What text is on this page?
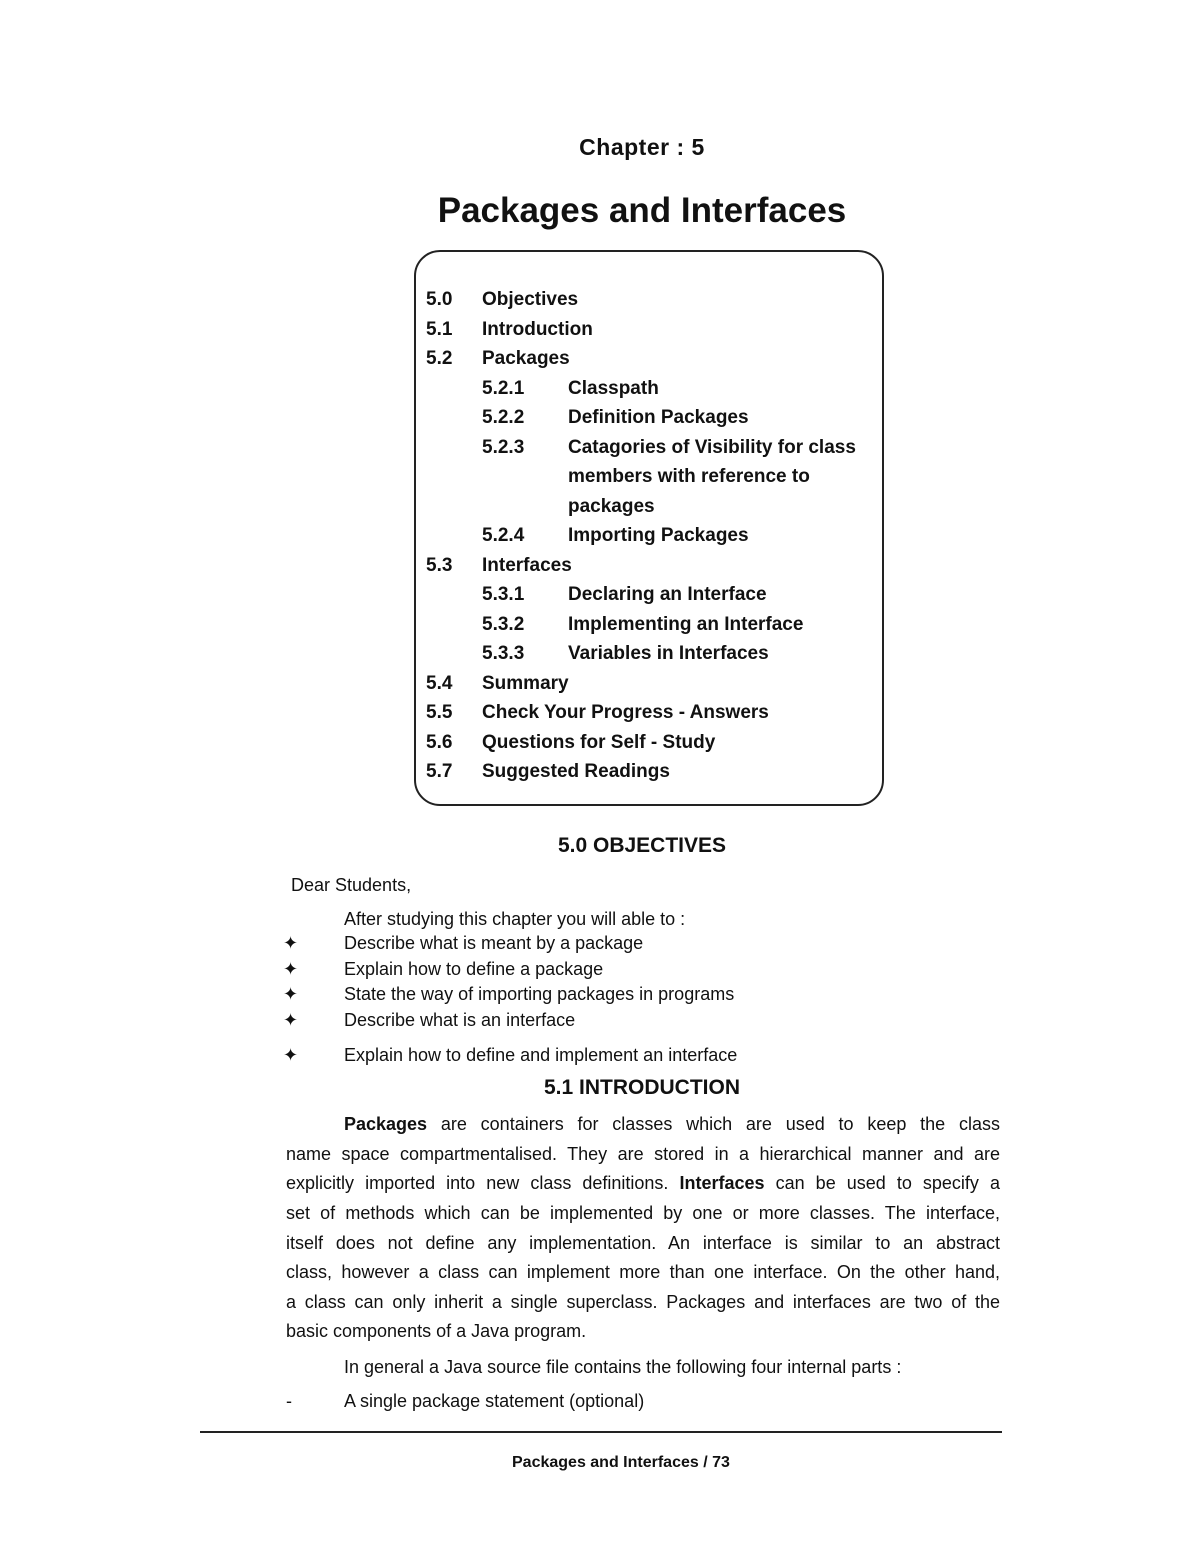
Chapter : 5
Packages and Interfaces
5.0 Objectives
5.1 Introduction
5.2 Packages
5.2.1 Classpath
5.2.2 Definition Packages
5.2.3 Catagories of Visibility for class
members with reference to
packages
5.2.4 Importing Packages
5.3 Interfaces
5.3.1 Declaring an Interface
5.3.2 Implementing an Interface
5.3.3 Variables in Interfaces
5.4 Summary
5.5 Check Your Progress - Answers
5.6 Questions for Self - Study
5.7 Suggested Readings
5.0 OBJECTIVES
Dear Students,
After studying this chapter you will able to :
✦	Describe what is meant by a package
✦	Explain how to define a package
✦	State the way of importing packages in programs
✦	Describe what is an interface
✦	Explain how to define and implement an interface
5.1 INTRODUCTION
Packages are containers for classes which are used to keep the class
name space compartmentalised. They are stored in a hierarchical manner and are
explicitly imported into new class definitions. Interfaces can be used to specify a
set of methods which can be implemented by one or more classes. The interface,
itself does not define any implementation. An interface is similar to an abstract
class, however a class can implement more than one interface. On the other hand,
a class can only inherit a single superclass. Packages and interfaces are two of the
basic components of a Java program.
In general a Java source file contains the following four internal parts :
-	A single package statement (optional)
Packages and Interfaces / 73
